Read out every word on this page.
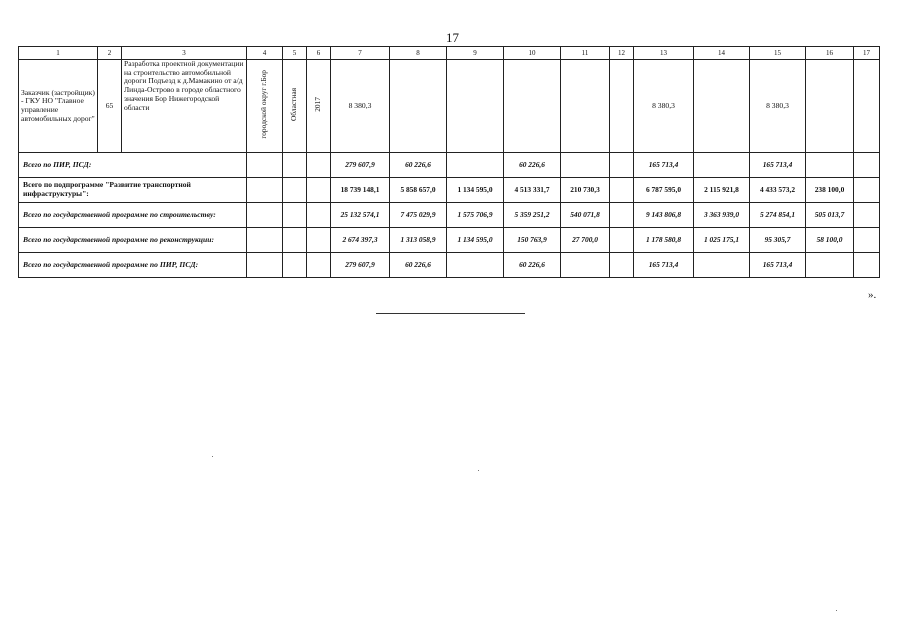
17
1	2	3	4	5	6	7	8	9	10	11	12	13	14	15	16	17
Заказчик (застройщик) - ГКУ НО "Главное управление автомобильных дорог"	65	Разработка проектной документации на строительство автомобильной дороги Подъезд к д.Мамакино от а/д Линда-Острово в городе областного значения Бор Нижегородской области	городской округ г.Бор	Областная	2017	8 380,3						8 380,3		8 380,3		
Всего по ПИР, ПСД:						279 607,9	60 226,6		60 226,6			165 713,4		165 713,4		
Всего по подпрограмме "Развитие транспортной инфраструктуры":						18 739 148,1	5 858 657,0	1 134 595,0	4 513 331,7	210 730,3		6 787 595,0	2 115 921,8	4 433 573,2	238 100,0	
Всего по государственной программе по строительству:						25 132 574,1	7 475 029,9	1 575 706,9	5 359 251,2	540 071,8		9 143 806,8	3 363 939,0	5 274 854,1	505 013,7	
Всего по государственной программе по реконструкции:						2 674 397,3	1 313 058,9	1 134 595,0	150 763,9	27 700,0		1 178 580,8	1 025 175,1	95 305,7	58 100,0	
Всего по государственной программе по ПИР, ПСД:						279 607,9	60 226,6		60 226,6			165 713,4		165 713,4		
».
